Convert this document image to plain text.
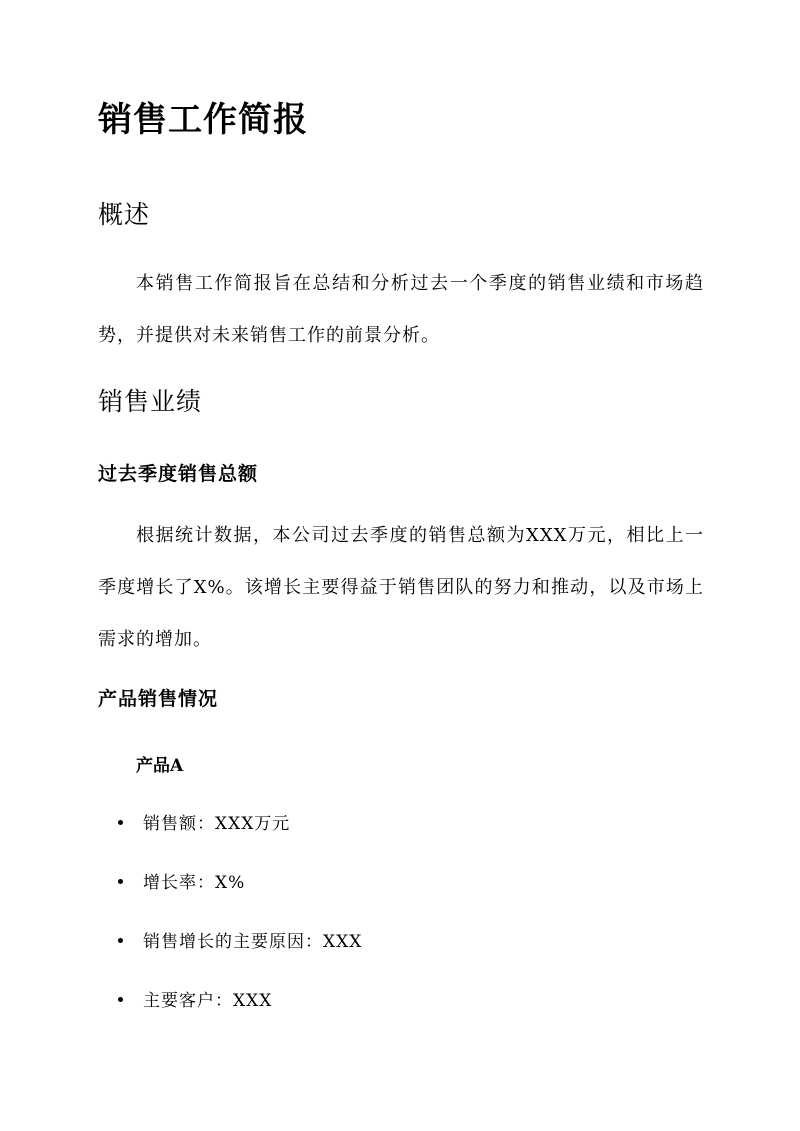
销售工作简报
概述

本销售工作简报旨在总结和分析过去一个季度的销售业绩和市场趋势，并提供对未来销售工作的前景分析。

销售业绩
过去季度销售总额

根据统计数据，本公司过去季度的销售总额为XXX万元，相比上一季度增长了X%。该增长主要得益于销售团队的努力和推动，以及市场上需求的增加。

产品销售情况
产品A
销售额：XXX万元
增长率：X%
销售增长的主要原因：XXX
主要客户：XXX
